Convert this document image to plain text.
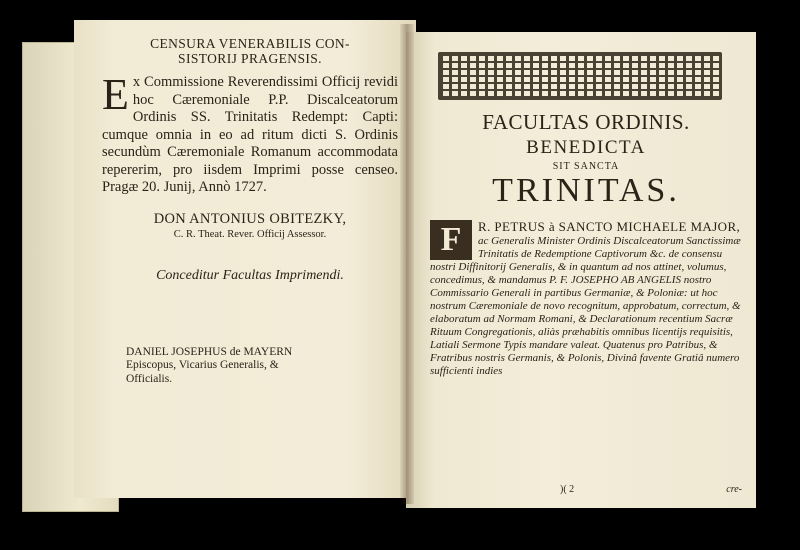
CENSURA VENERABILIS CON-
SISTORIJ PRAGENSIS.
E x Commissione Reverendissimi Officij revidi hoc Cæremoniale P.P. Discalceatorum Ordinis SS. Trinitatis Redempt: Capti: cumque omnia in eo ad ritum dicti S. Ordinis secundùm Cæremoniale Romanum accommodata repererim, pro iisdem Imprimi posse censeo. Pragæ 20. Junij, Annò 1727.
DON ANTONIUS OBITEZKY,
C. R. Theat. Rever. Officij Assessor.
Conceditur Facultas Imprimendi.
DANIEL JOSEPHUS de MAYERN
Episcopus, Vicarius Generalis, &
Officialis.
FACULTAS ORDINIS.
BENEDICTA
SIT SANCTA
TRINITAS.
F	R. PETRUS à SANCTO MICHAELE MAJOR, ac Generalis Minister Ordinis Discalceatorum Sanctissimæ Trinitatis de Redemptione Captivorum &c. de consensu nostri Diffinitorij Generalis, & in quantum ad nos attinet, volumus, concedimus, & mandamus P. F. JOSEPHO AB ANGELIS nostro Commissario Generali in partibus Germaniæ, & Poloniæ: ut hoc nostrum Cæremoniale de novo recognitum, approbatum, correctum, & elaboratum ad Normam Romani, & Declarationum recentium Sacræ Rituum Congregationis, aliàs præhabitis omnibus licentijs requisitis, Latiali Sermone Typis mandare valeat. Quatenus pro Patribus, & Fratribus nostris Germanis, & Polonis, Divinâ favente Gratiâ numero sufficienti indies
)( 2	cre-
